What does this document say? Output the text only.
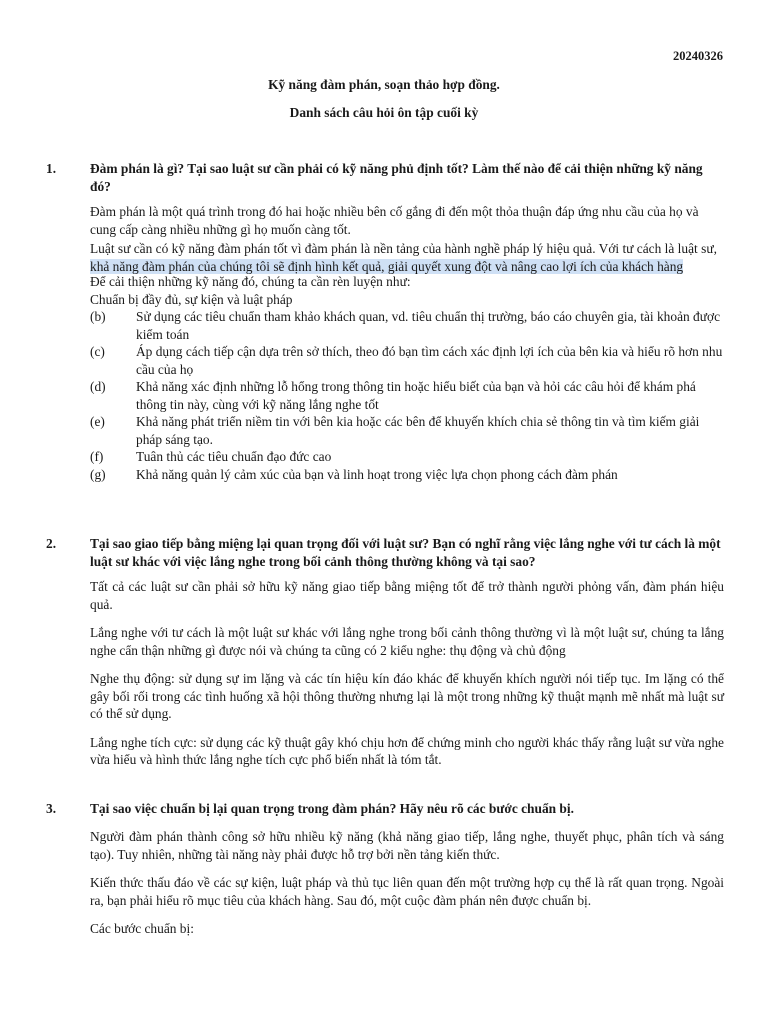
20240326
Kỹ năng đàm phán, soạn thảo hợp đồng.
Danh sách câu hỏi ôn tập cuối kỳ
1.	Đàm phán là gì? Tại sao luật sư cần phải có kỹ năng phủ định tốt? Làm thế nào để cải thiện những kỹ năng đó?

Đàm phán là một quá trình trong đó hai hoặc nhiều bên cố gắng đi đến một thỏa thuận đáp ứng nhu cầu của họ và cung cấp càng nhiều những gì họ muốn càng tốt.

Luật sư cần có kỹ năng đàm phán tốt vì đàm phán là nền tảng của hành nghề pháp lý hiệu quả. Với tư cách là luật sư, khả năng đàm phán của chúng tôi sẽ định hình kết quả, giải quyết xung đột và nâng cao lợi ích của khách hàng

Để cải thiện những kỹ năng đó, chúng ta cần rèn luyện như:

Chuẩn bị đầy đủ, sự kiện và luật pháp

(b) Sử dụng các tiêu chuẩn tham khảo khách quan, vd. tiêu chuẩn thị trường, báo cáo chuyên gia, tài khoản được kiểm toán
(c) Áp dụng cách tiếp cận dựa trên sở thích, theo đó bạn tìm cách xác định lợi ích của bên kia và hiểu rõ hơn nhu cầu của họ
(d) Khả năng xác định những lỗ hổng trong thông tin hoặc hiểu biết của bạn và hỏi các câu hỏi để khám phá thông tin này, cùng với kỹ năng lắng nghe tốt
(e) Khả năng phát triển niềm tin với bên kia hoặc các bên để khuyến khích chia sẻ thông tin và tìm kiếm giải pháp sáng tạo.
(f) Tuân thủ các tiêu chuẩn đạo đức cao
(g) Khả năng quản lý cảm xúc của bạn và linh hoạt trong việc lựa chọn phong cách đàm phán
2.	Tại sao giao tiếp bằng miệng lại quan trọng đối với luật sư? Bạn có nghĩ rằng việc lắng nghe với tư cách là một luật sư khác với việc lắng nghe trong bối cảnh thông thường không và tại sao?

Tất cả các luật sư cần phải sở hữu kỹ năng giao tiếp bằng miệng tốt để trở thành người phỏng vấn, đàm phán hiệu quả.

Lắng nghe với tư cách là một luật sư khác với lắng nghe trong bối cảnh thông thường vì là một luật sư, chúng ta lắng nghe cẩn thận những gì được nói và chúng ta cũng có 2 kiểu nghe: thụ động và chủ động

Nghe thụ động: sử dụng sự im lặng và các tín hiệu kín đáo khác để khuyến khích người nói tiếp tục. Im lặng có thể gây bối rối trong các tình huống xã hội thông thường nhưng lại là một trong những kỹ thuật mạnh mẽ nhất mà luật sư có thể sử dụng.

Lắng nghe tích cực: sử dụng các kỹ thuật gây khó chịu hơn để chứng minh cho người khác thấy rằng luật sư vừa nghe vừa hiểu và hình thức lắng nghe tích cực phổ biến nhất là tóm tắt.

3.	Tại sao việc chuẩn bị lại quan trọng trong đàm phán? Hãy nêu rõ các bước chuẩn bị.

Người đàm phán thành công sở hữu nhiều kỹ năng (khả năng giao tiếp, lắng nghe, thuyết phục, phân tích và sáng tạo). Tuy nhiên, những tài năng này phải được hỗ trợ bởi nền tảng kiến thức.

Kiến thức thấu đáo về các sự kiện, luật pháp và thủ tục liên quan đến một trường hợp cụ thể là rất quan trọng. Ngoài ra, bạn phải hiểu rõ mục tiêu của khách hàng. Sau đó, một cuộc đàm phán nên được chuẩn bị.

Các bước chuẩn bị:
